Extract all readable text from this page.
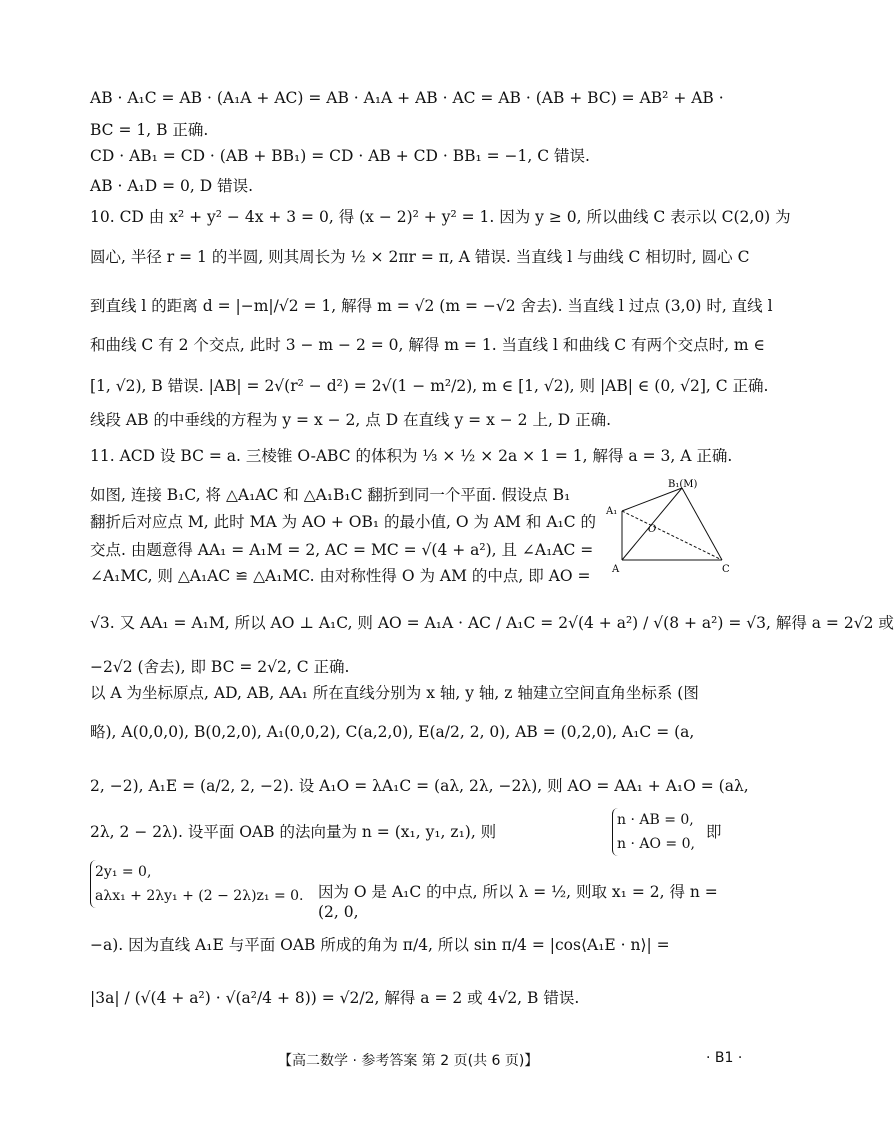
AB · A₁C = AB · (A₁A + AC) = AB · A₁A + AB · AC = AB · (AB + BC) = AB² + AB ·
BC = 1, B 正确.
CD · AB₁ = CD · (AB + BB₁) = CD · AB + CD · BB₁ = −1, C 错误.
AB · A₁D = 0, D 错误.
10. CD 由 x² + y² − 4x + 3 = 0, 得 (x − 2)² + y² = 1. 因为 y ≥ 0, 所以曲线 C 表示以 C(2,0) 为
圆心, 半径 r = 1 的半圆, 则其周长为 ½ × 2πr = π, A 错误. 当直线 l 与曲线 C 相切时, 圆心 C
到直线 l 的距离 d = |−m|/√2 = 1, 解得 m = √2 (m = −√2 舍去). 当直线 l 过点 (3,0) 时, 直线 l
和曲线 C 有 2 个交点, 此时 3 − m − 2 = 0, 解得 m = 1. 当直线 l 和曲线 C 有两个交点时, m ∈
[1, √2), B 错误. |AB| = 2√(r² − d²) = 2√(1 − m²/2), m ∈ [1, √2), 则 |AB| ∈ (0, √2], C 正确.
线段 AB 的中垂线的方程为 y = x − 2, 点 D 在直线 y = x − 2 上, D 正确.
11. ACD 设 BC = a. 三棱锥 O-ABC 的体积为 ⅓ × ½ × 2a × 1 = 1, 解得 a = 3, A 正确.
如图, 连接 B₁C, 将 △A₁AC 和 △A₁B₁C 翻折到同一个平面. 假设点 B₁
翻折后对应点 M, 此时 MA 为 AO + OB₁ 的最小值, O 为 AM 和 A₁C 的
交点. 由题意得 AA₁ = A₁M = 2, AC = MC = √(4 + a²), 且 ∠A₁AC =
∠A₁MC, 则 △A₁AC ≌ △A₁MC. 由对称性得 O 为 AM 的中点, 即 AO =
√3. 又 AA₁ = A₁M, 所以 AO ⊥ A₁C, 则 AO = A₁A · AC / A₁C = 2√(4 + a²) / √(8 + a²) = √3, 解得 a = 2√2 或
−2√2 (舍去), 即 BC = 2√2, C 正确.
以 A 为坐标原点, AD, AB, AA₁ 所在直线分别为 x 轴, y 轴, z 轴建立空间直角坐标系 (图
略), A(0,0,0), B(0,2,0), A₁(0,0,2), C(a,2,0), E(a/2, 2, 0), AB = (0,2,0), A₁C = (a,
2, −2), A₁E = (a/2, 2, −2). 设 A₁O = λA₁C = (aλ, 2λ, −2λ), 则 AO = AA₁ + A₁O = (aλ,
2λ, 2 − 2λ). 设平面 OAB 的法向量为 n = (x₁, y₁, z₁), 则
n · AB = 0,
n · AO = 0,
即
2y₁ = 0,
aλx₁ + 2λy₁ + (2 − 2λ)z₁ = 0. 因为 O 是 A₁C 的中点, 所以 λ = ½, 则取 x₁ = 2, 得 n = (2, 0,
−a). 因为直线 A₁E 与平面 OAB 所成的角为 π/4, 所以 sin π/4 = |cos⟨A₁E · n⟩| =
|3a| / (√(4 + a²) · √(a²/4 + 8)) = √2/2, 解得 a = 2 或 4√2, B 错误.
B₁(M)
A₁
O
A	C
【高二数学 · 参考答案 第 2 页(共 6 页)】	· B1 ·
